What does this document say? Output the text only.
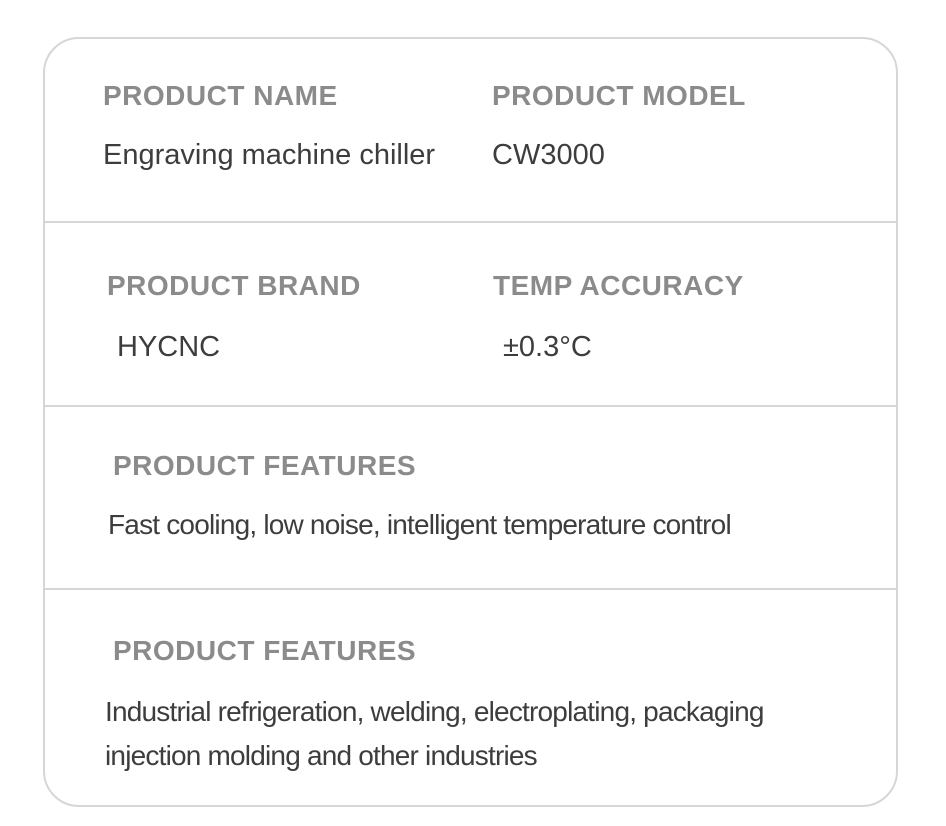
PRODUCT NAME
Engraving machine chiller
PRODUCT MODEL
CW3000
PRODUCT BRAND
HYCNC
TEMP ACCURACY
±0.3°C
PRODUCT FEATURES
Fast cooling, low noise, intelligent temperature control
PRODUCT FEATURES
Industrial refrigeration, welding, electroplating, packaging
injection molding and other industries
